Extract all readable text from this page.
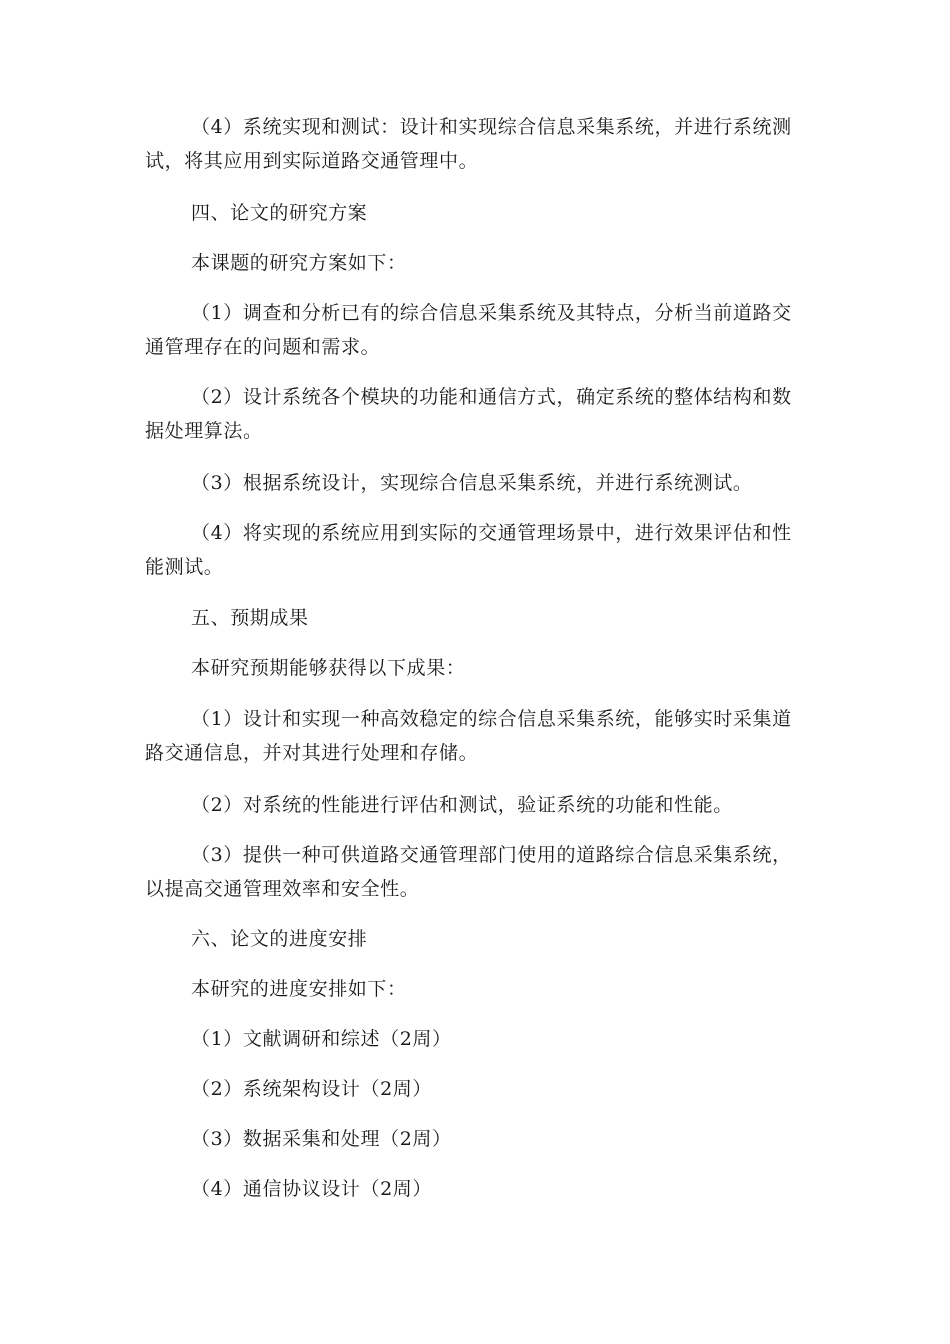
（4）系统实现和测试：设计和实现综合信息采集系统，并进行系统测试，将其应用到实际道路交通管理中。

四、论文的研究方案

本课题的研究方案如下：

（1）调查和分析已有的综合信息采集系统及其特点，分析当前道路交通管理存在的问题和需求。

（2）设计系统各个模块的功能和通信方式，确定系统的整体结构和数据处理算法。

（3）根据系统设计，实现综合信息采集系统，并进行系统测试。

（4）将实现的系统应用到实际的交通管理场景中，进行效果评估和性能测试。

五、预期成果

本研究预期能够获得以下成果：

（1）设计和实现一种高效稳定的综合信息采集系统，能够实时采集道路交通信息，并对其进行处理和存储。

（2）对系统的性能进行评估和测试，验证系统的功能和性能。

（3）提供一种可供道路交通管理部门使用的道路综合信息采集系统，以提高交通管理效率和安全性。

六、论文的进度安排

本研究的进度安排如下：

（1）文献调研和综述（2周）

（2）系统架构设计（2周）

（3）数据采集和处理（2周）

（4）通信协议设计（2周）
